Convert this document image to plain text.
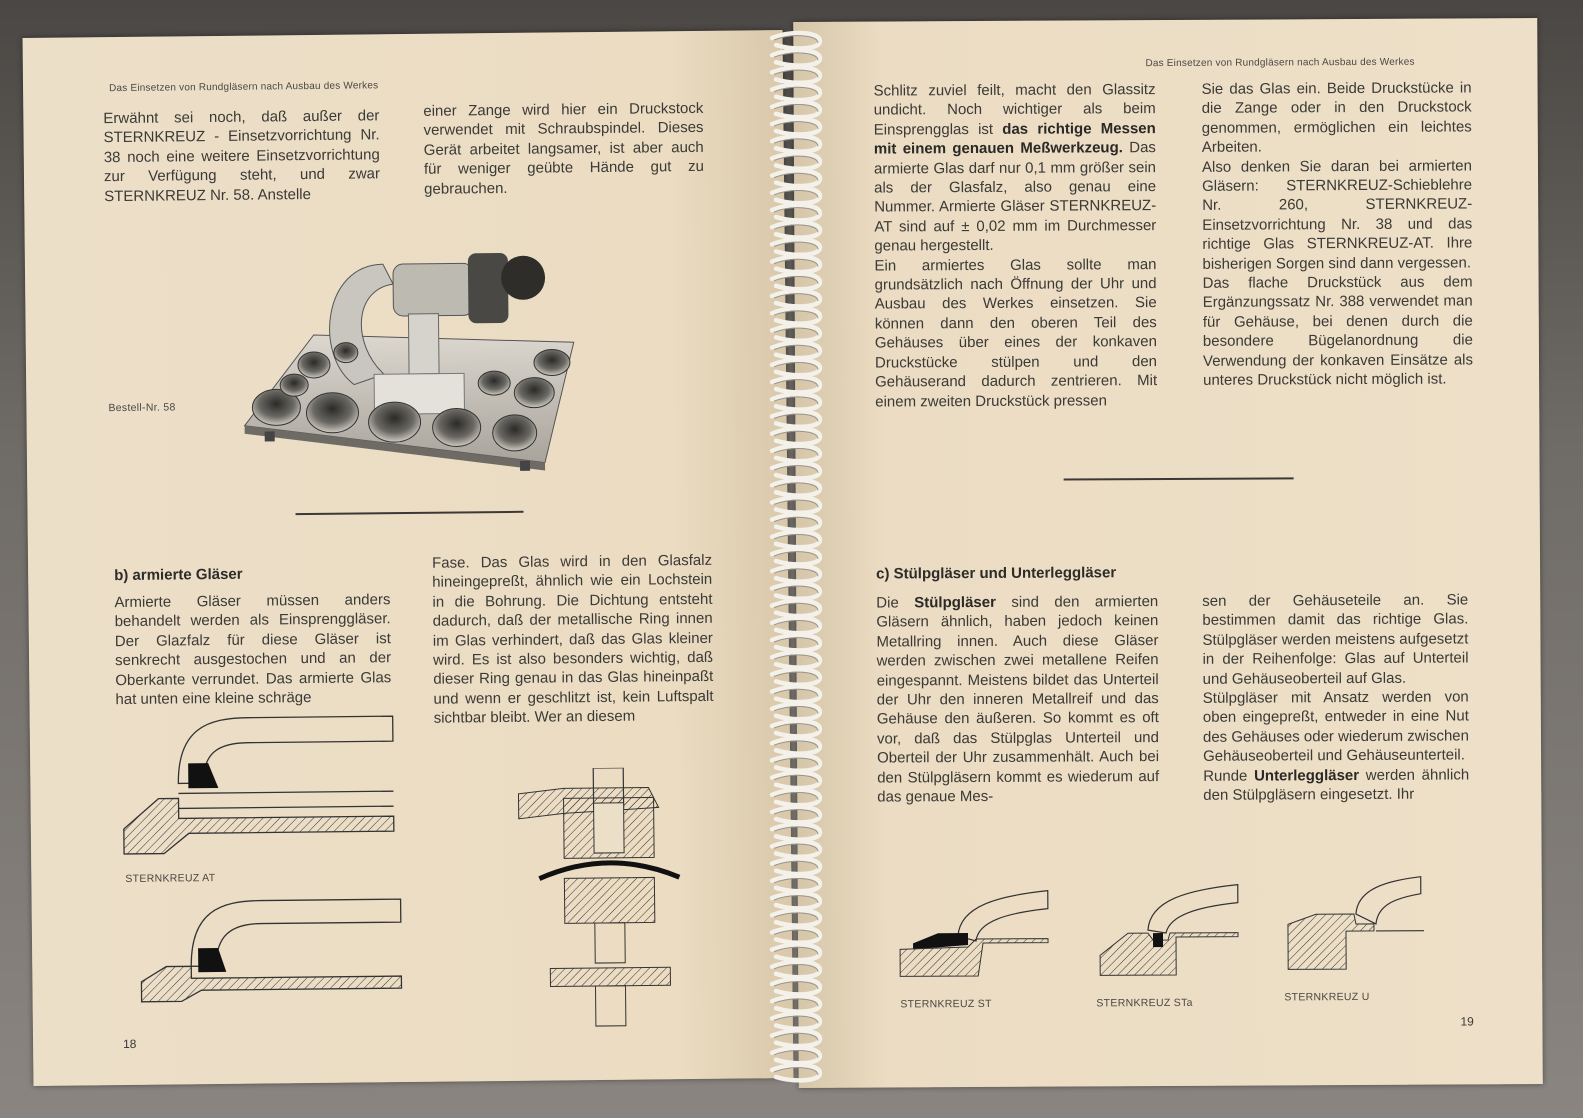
Das Einsetzen von Rundgläsern nach Ausbau des Werkes
Erwähnt sei noch, daß außer der STERNKREUZ - Einsetzvorrichtung Nr. 38 noch eine weitere Einsetzvorrichtung zur Verfügung steht, und zwar STERNKREUZ Nr. 58. Anstelle
einer Zange wird hier ein Druckstock verwendet mit Schraubspindel. Dieses Gerät arbeitet langsamer, ist aber auch für weniger geübte Hände gut zu gebrauchen.
Bestell-Nr. 58
b) armierte Gläser
Armierte Gläser müssen anders behandelt werden als Einsprenggläser. Der Glazfalz für diese Gläser ist senkrecht ausgestochen und an der Oberkante verrundet. Das armierte Glas hat unten eine kleine schräge
Fase. Das Glas wird in den Glasfalz hineingepreßt, ähnlich wie ein Lochstein in die Bohrung. Die Dichtung entsteht dadurch, daß der metallische Ring innen im Glas verhindert, daß das Glas kleiner wird. Es ist also besonders wichtig, daß dieser Ring genau in das Glas hineinpaßt und wenn er geschlitzt ist, kein Luftspalt sichtbar bleibt. Wer an diesem
STERNKREUZ AT
18
Das Einsetzen von Rundgläsern nach Ausbau des Werkes
Schlitz zuviel feilt, macht den Glassitz undicht. Noch wichtiger als beim Einsprengglas ist das richtige Messen mit einem genauen Meßwerkzeug. Das armierte Glas darf nur 0,1 mm größer sein als der Glasfalz, also genau eine Nummer. Armierte Gläser STERNKREUZ-AT sind auf ± 0,02 mm im Durchmesser genau hergestellt.
Ein armiertes Glas sollte man grundsätzlich nach Öffnung der Uhr und Ausbau des Werkes einsetzen. Sie können dann den oberen Teil des Gehäuses über eines der konkaven Druckstücke stülpen und den Gehäuserand dadurch zentrieren. Mit einem zweiten Druckstück pressen
Sie das Glas ein. Beide Druckstücke in die Zange oder in den Druckstock genommen, ermöglichen ein leichtes Arbeiten.
Also denken Sie daran bei armierten Gläsern: STERNKREUZ-Schieblehre Nr. 260, STERNKREUZ-Einsetzvorrichtung Nr. 38 und das richtige Glas STERNKREUZ-AT. Ihre bisherigen Sorgen sind dann vergessen.
Das flache Druckstück aus dem Ergänzungssatz Nr. 388 verwendet man für Gehäuse, bei denen durch die besondere Bügelanordnung die Verwendung der konkaven Einsätze als unteres Druckstück nicht möglich ist.
c) Stülpgläser und Unterleggläser
Die Stülpgläser sind den armierten Gläsern ähnlich, haben jedoch keinen Metallring innen. Auch diese Gläser werden zwischen zwei metallene Reifen eingespannt. Meistens bildet das Unterteil der Uhr den inneren Metallreif und das Gehäuse den äußeren. So kommt es oft vor, daß das Stülpglas Unterteil und Oberteil der Uhr zusammenhält. Auch bei den Stülpgläsern kommt es wiederum auf das genaue Mes-
sen der Gehäuseteile an. Sie bestimmen damit das richtige Glas. Stülpgläser werden meistens aufgesetzt in der Reihenfolge: Glas auf Unterteil und Gehäuseoberteil auf Glas.
Stülpgläser mit Ansatz werden von oben eingepreßt, entweder in eine Nut des Gehäuses oder wiederum zwischen Gehäuseoberteil und Gehäuseunterteil.
Runde Unterleggläser werden ähnlich den Stülpgläsern eingesetzt. Ihr
STERNKREUZ ST	STERNKREUZ STa	STERNKREUZ U
19
